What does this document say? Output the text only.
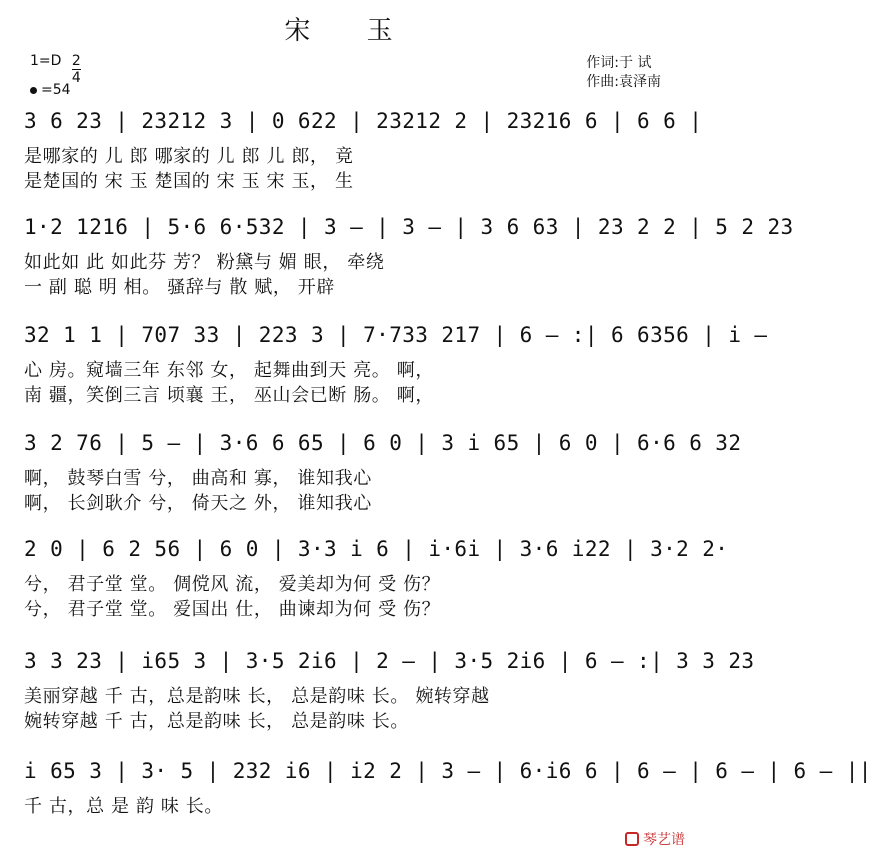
宋 玉
$1=D \frac{2}{4}$
=54
作词:于 试
作曲:袁泽南
3 6 23 | 23212 3 | 0 622 | 23212 2 | 23216 6 | 6 6 |
是哪家的 儿 郎 哪家的 儿 郎 儿 郎， 竟
是楚国的 宋 玉 楚国的 宋 玉 宋 玉， 生
1·2 1216 | 5·6 6·532 | 3 – | 3 – | 3 6 63 | 23 2 2 | 5 2 23
如此如 此 如此芬 芳？ 粉黛与 媚 眼， 牵绕
一 副 聪 明 相。 骚辞与 散 赋， 开辟
32 1 1 | 707 33 | 223 3 | 7·733 217 | 6 – :| 6 6356 | i –
心 房。窥墙三年 东邻 女， 起舞曲到天 亮。 啊，
南 疆，笑倒三言 顷襄 王， 巫山会已断 肠。 啊，
3 2 76 | 5 – | 3·6 6 65 | 6 0 | 3 i 65 | 6 0 | 6·6 6 32
啊， 鼓琴白雪 兮， 曲高和 寡， 谁知我心
啊， 长剑耿介 兮， 倚天之 外， 谁知我心
2 0 | 6 2 56 | 6 0 | 3·3 i 6 | i·6i | 3·6 i22 | 3·2 2·
兮， 君子堂 堂。 倜傥风 流， 爱美却为何 受 伤？
兮， 君子堂 堂。 爱国出 仕， 曲谏却为何 受 伤？
3 3 23 | i65 3 | 3·5 2i6 | 2 – | 3·5 2i6 | 6 – :| 3 3 23
美丽穿越 千 古，总是韵味 长， 总是韵味 长。 婉转穿越
婉转穿越 千 古，总是韵味 长， 总是韵味 长。
i 65 3 | 3· 5 | 232 i6 | i2 2 | 3 – | 6·i6 6 | 6 – | 6 – | 6 – ||
千 古，总 是 韵 味 长。
琴艺谱
